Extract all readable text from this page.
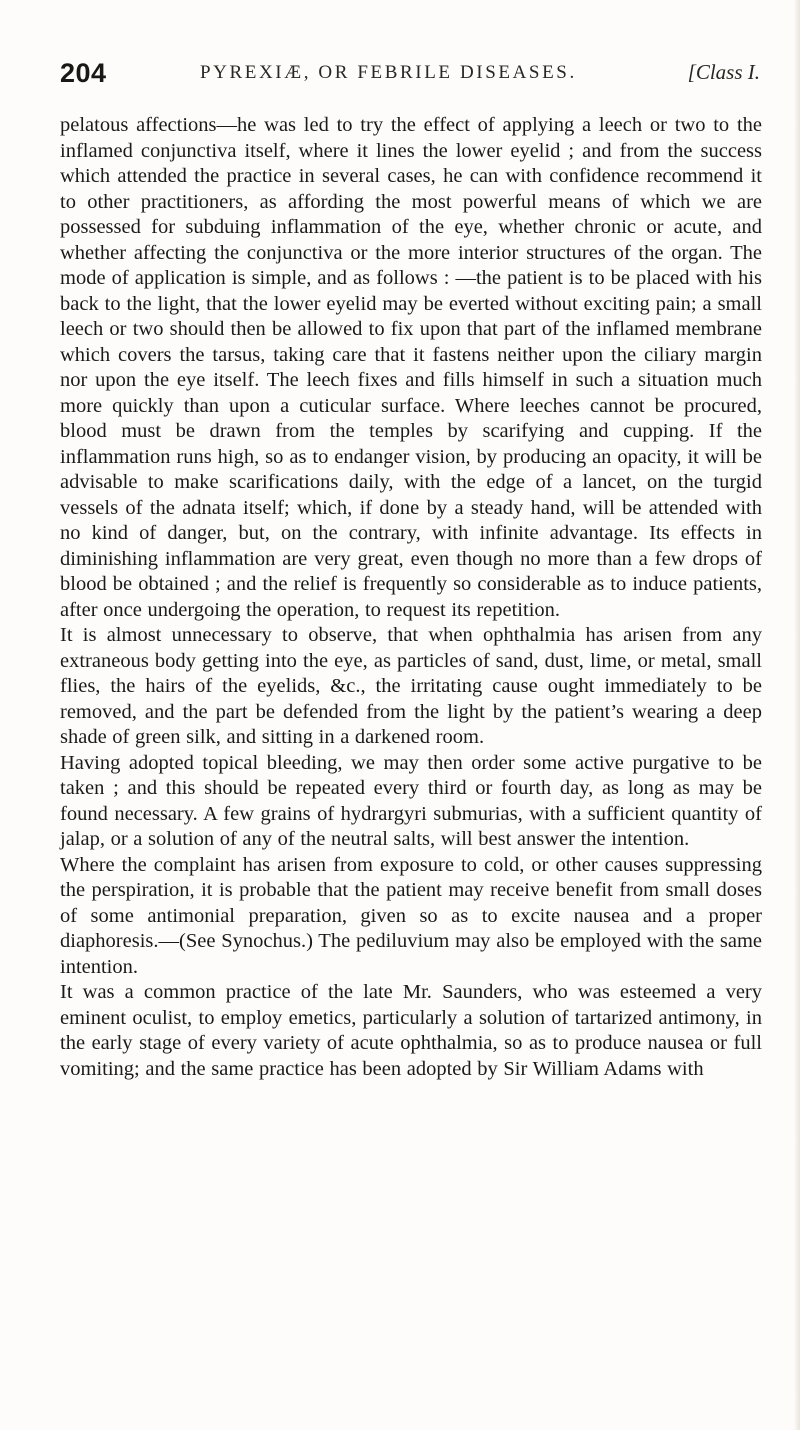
204	PYREXIÆ, OR FEBRILE DISEASES.	[Class I.

pelatous affections—he was led to try the effect of applying a leech or two to the inflamed conjunctiva itself, where it lines the lower eyelid ; and from the success which attended the practice in several cases, he can with confidence recommend it to other practitioners, as affording the most powerful means of which we are possessed for subduing inflammation of the eye, whether chronic or acute, and whether affecting the conjunctiva or the more interior structures of the organ. The mode of application is simple, and as follows : —the patient is to be placed with his back to the light, that the lower eyelid may be everted without exciting pain; a small leech or two should then be allowed to fix upon that part of the inflamed membrane which covers the tarsus, taking care that it fastens neither upon the ciliary margin nor upon the eye itself. The leech fixes and fills himself in such a situation much more quickly than upon a cuticular surface. Where leeches cannot be procured, blood must be drawn from the temples by scarifying and cupping. If the inflammation runs high, so as to endanger vision, by producing an opacity, it will be advisable to make scarifications daily, with the edge of a lancet, on the turgid vessels of the adnata itself; which, if done by a steady hand, will be attended with no kind of danger, but, on the contrary, with infinite advantage. Its effects in diminishing inflammation are very great, even though no more than a few drops of blood be obtained ; and the relief is frequently so considerable as to induce patients, after once undergoing the operation, to request its repetition.

It is almost unnecessary to observe, that when ophthalmia has arisen from any extraneous body getting into the eye, as particles of sand, dust, lime, or metal, small flies, the hairs of the eyelids, &c., the irritating cause ought immediately to be removed, and the part be defended from the light by the patient’s wearing a deep shade of green silk, and sitting in a darkened room.

Having adopted topical bleeding, we may then order some active purgative to be taken ; and this should be repeated every third or fourth day, as long as may be found necessary. A few grains of hydrargyri submurias, with a sufficient quantity of jalap, or a solution of any of the neutral salts, will best answer the intention.

Where the complaint has arisen from exposure to cold, or other causes suppressing the perspiration, it is probable that the patient may receive benefit from small doses of some antimonial preparation, given so as to excite nausea and a proper diaphoresis.—(See Synochus.) The pediluvium may also be employed with the same intention.

It was a common practice of the late Mr. Saunders, who was esteemed a very eminent oculist, to employ emetics, particularly a solution of tartarized antimony, in the early stage of every variety of acute ophthalmia, so as to produce nausea or full vomiting; and the same practice has been adopted by Sir William Adams with
